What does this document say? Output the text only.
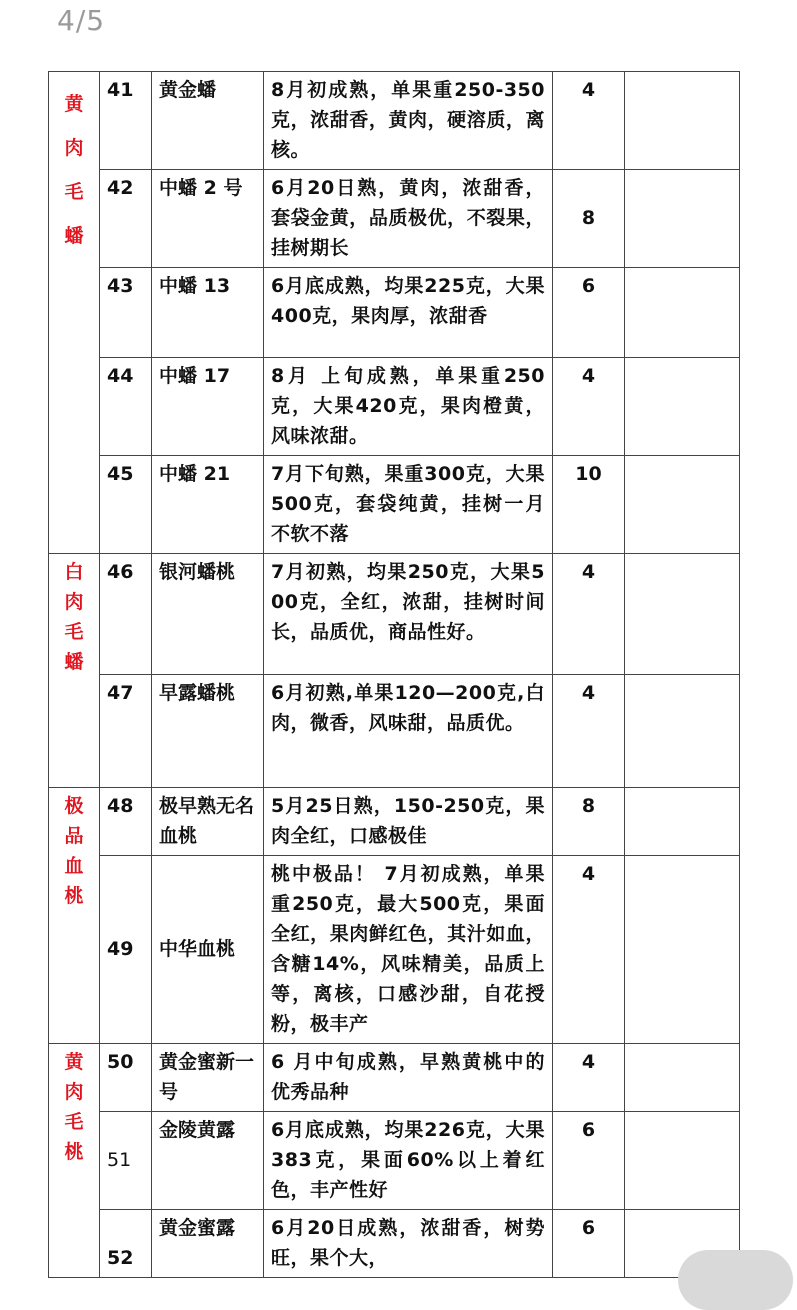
4/5
黄
肉
毛
蟠	41	黄金蟠	8月初成熟，单果重250-350克，浓甜香，黄肉，硬溶质，离核。	4	
	42	中蟠 2 号	6月20日熟，黄肉，浓甜香，套袋金黄，品质极优，不裂果，挂树期长	8	
	43	中蟠 13	6月底成熟，均果225克，大果400克，果肉厚，浓甜香	6	
	44	中蟠 17	8月 上旬成熟，单果重250克，大果420克，果肉橙黄，风味浓甜。	4	
	45	中蟠 21	7月下旬熟，果重300克，大果500克，套袋纯黄，挂树一月不软不落	10	

白
肉
毛
蟠	46	银河蟠桃	7月初熟，均果250克，大果500克，全红，浓甜，挂树时间长，品质优，商品性好。	4	
	47	早露蟠桃	6月初熟,单果120—200克,白肉，微香，风味甜，品质优。	4	

极
品
血
桃	48	极早熟无名血桃	5月25日熟，150-250克，果肉全红，口感极佳	8	
	49	中华血桃	桃中极品！ 7月初成熟，单果重250克，最大500克，果面全红，果肉鲜红色，其汁如血，含糖14%，风味精美，品质上等，离核，口感沙甜，自花授粉，极丰产	4	

黄
肉
毛
桃	50	黄金蜜新一号	6 月中旬成熟，早熟黄桃中的优秀品种	4	
	51	金陵黄露	6月底成熟，均果226克，大果383克，果面60%以上着红色，丰产性好	6	
	52	黄金蜜露	6月20日成熟，浓甜香，树势旺，果个大，	6	
